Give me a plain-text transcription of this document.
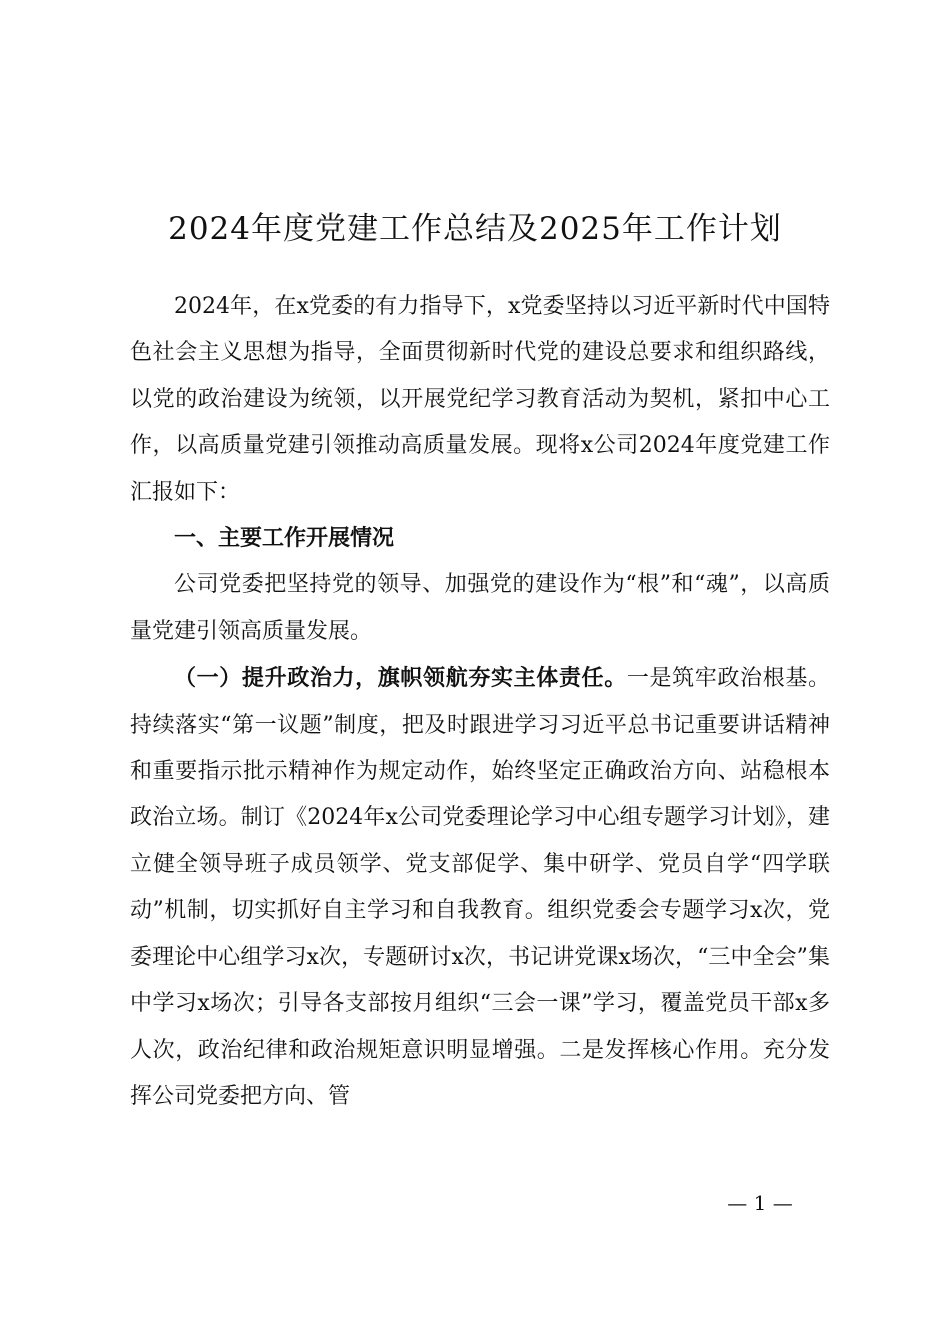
2024年度党建工作总结及2025年工作计划

2024年，在x党委的有力指导下，x党委坚持以习近平新时代中国特色社会主义思想为指导，全面贯彻新时代党的建设总要求和组织路线，以党的政治建设为统领，以开展党纪学习教育活动为契机，紧扣中心工作，以高质量党建引领推动高质量发展。现将x公司2024年度党建工作汇报如下：

一、主要工作开展情况

公司党委把坚持党的领导、加强党的建设作为“根”和“魂”，以高质量党建引领高质量发展。

（一）提升政治力，旗帜领航夯实主体责任。一是筑牢政治根基。持续落实“第一议题”制度，把及时跟进学习习近平总书记重要讲话精神和重要指示批示精神作为规定动作，始终坚定正确政治方向、站稳根本政治立场。制订《2024年x公司党委理论学习中心组专题学习计划》，建立健全领导班子成员领学、党支部促学、集中研学、党员自学“四学联动”机制，切实抓好自主学习和自我教育。组织党委会专题学习x次，党委理论中心组学习x次，专题研讨x次，书记讲党课x场次，“三中全会”集中学习x场次；引导各支部按月组织“三会一课”学习，覆盖党员干部x多人次，政治纪律和政治规矩意识明显增强。二是发挥核心作用。充分发挥公司党委把方向、管

— 1 —
